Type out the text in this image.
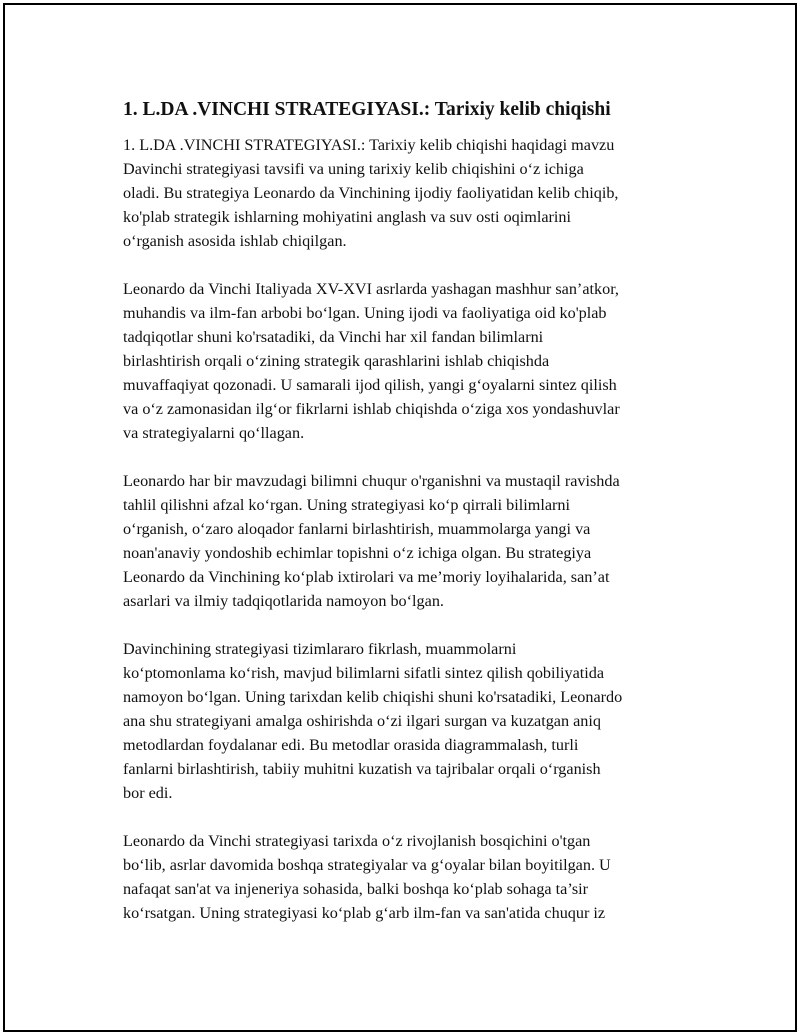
1. L.DA .VINCHI STRATEGIYASI.: Tarixiy kelib chiqishi

1. L.DA .VINCHI STRATEGIYASI.: Tarixiy kelib chiqishi haqidagi mavzu
Davinchi strategiyasi tavsifi va uning tarixiy kelib chiqishini o‘z ichiga
oladi. Bu strategiya Leonardo da Vinchining ijodiy faoliyatidan kelib chiqib,
ko'plab strategik ishlarning mohiyatini anglash va suv osti oqimlarini
o‘rganish asosida ishlab chiqilgan.

Leonardo da Vinchi Italiyada XV-XVI asrlarda yashagan mashhur san’atkor,
muhandis va ilm-fan arbobi bo‘lgan. Uning ijodi va faoliyatiga oid ko'plab
tadqiqotlar shuni ko'rsatadiki, da Vinchi har xil fandan bilimlarni
birlashtirish orqali o‘zining strategik qarashlarini ishlab chiqishda
muvaffaqiyat qozonadi. U samarali ijod qilish, yangi g‘oyalarni sintez qilish
va o‘z zamonasidan ilg‘or fikrlarni ishlab chiqishda o‘ziga xos yondashuvlar
va strategiyalarni qo‘llagan.

Leonardo har bir mavzudagi bilimni chuqur o'rganishni va mustaqil ravishda
tahlil qilishni afzal ko‘rgan. Uning strategiyasi ko‘p qirrali bilimlarni
o‘rganish, o‘zaro aloqador fanlarni birlashtirish, muammolarga yangi va
noan'anaviy yondoshib echimlar topishni o‘z ichiga olgan. Bu strategiya
Leonardo da Vinchining ko‘plab ixtirolari va me’moriy loyihalarida, san’at
asarlari va ilmiy tadqiqotlarida namoyon bo‘lgan.

Davinchining strategiyasi tizimlararo fikrlash, muammolarni
ko‘ptomonlama ko‘rish, mavjud bilimlarni sifatli sintez qilish qobiliyatida
namoyon bo‘lgan. Uning tarixdan kelib chiqishi shuni ko'rsatadiki, Leonardo
ana shu strategiyani amalga oshirishda o‘zi ilgari surgan va kuzatgan aniq
metodlardan foydalanar edi. Bu metodlar orasida diagrammalash, turli
fanlarni birlashtirish, tabiiy muhitni kuzatish va tajribalar orqali o‘rganish
bor edi.

Leonardo da Vinchi strategiyasi tarixda o‘z rivojlanish bosqichini o'tgan
bo‘lib, asrlar davomida boshqa strategiyalar va g‘oyalar bilan boyitilgan. U
nafaqat san'at va injeneriya sohasida, balki boshqa ko‘plab sohaga ta’sir
ko‘rsatgan. Uning strategiyasi ko‘plab g‘arb ilm-fan va san'atida chuqur iz
